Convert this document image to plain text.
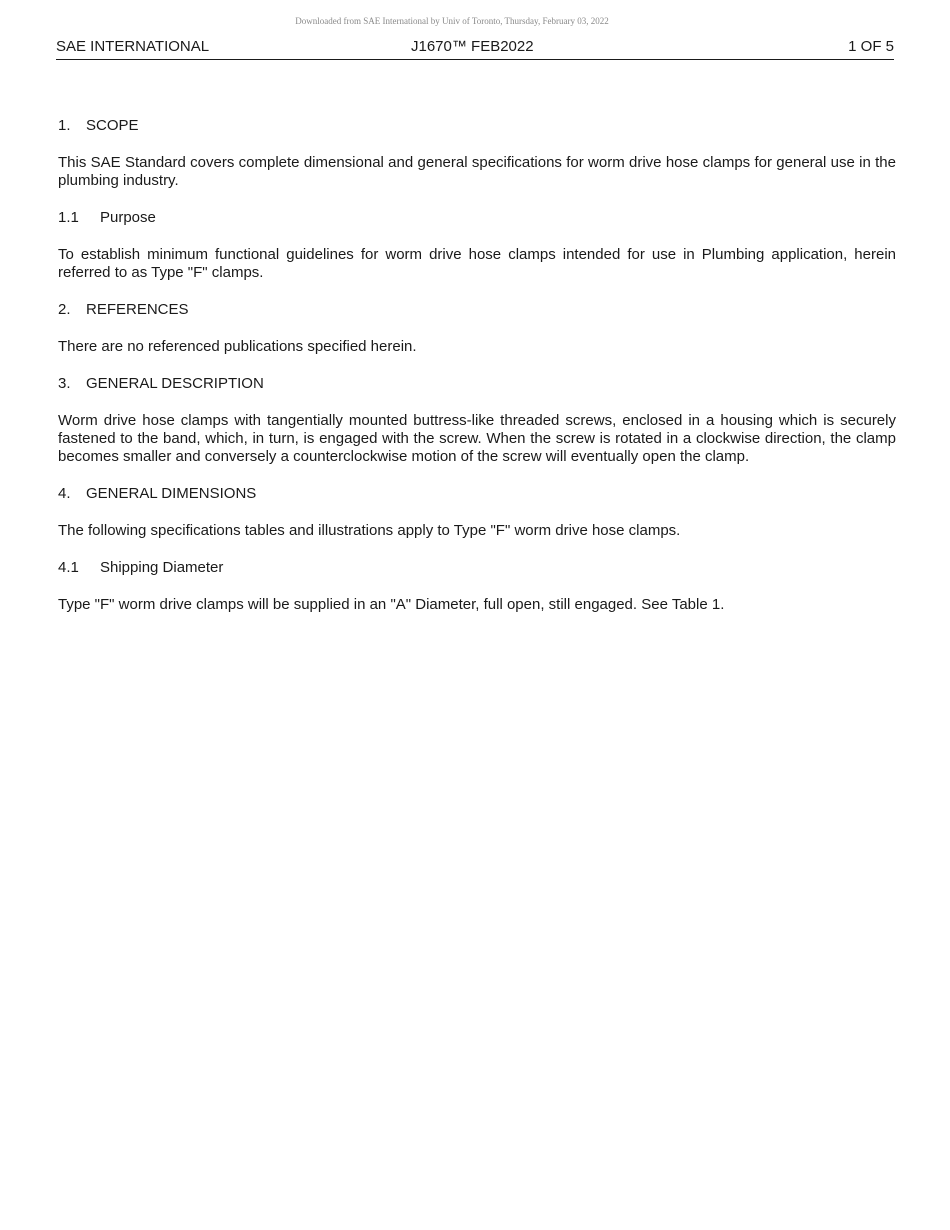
Downloaded from SAE International by Univ of Toronto, Thursday, February 03, 2022
SAE INTERNATIONAL	J1670™ FEB2022	1 OF 5
1. SCOPE

This SAE Standard covers complete dimensional and general specifications for worm drive hose clamps for general use in the plumbing industry.

1.1 Purpose

To establish minimum functional guidelines for worm drive hose clamps intended for use in Plumbing application, herein referred to as Type "F" clamps.

2. REFERENCES

There are no referenced publications specified herein.

3. GENERAL DESCRIPTION

Worm drive hose clamps with tangentially mounted buttress-like threaded screws, enclosed in a housing which is securely fastened to the band, which, in turn, is engaged with the screw. When the screw is rotated in a clockwise direction, the clamp becomes smaller and conversely a counterclockwise motion of the screw will eventually open the clamp.

4. GENERAL DIMENSIONS

The following specifications tables and illustrations apply to Type "F" worm drive hose clamps.

4.1 Shipping Diameter

Type "F" worm drive clamps will be supplied in an "A" Diameter, full open, still engaged. See Table 1.
